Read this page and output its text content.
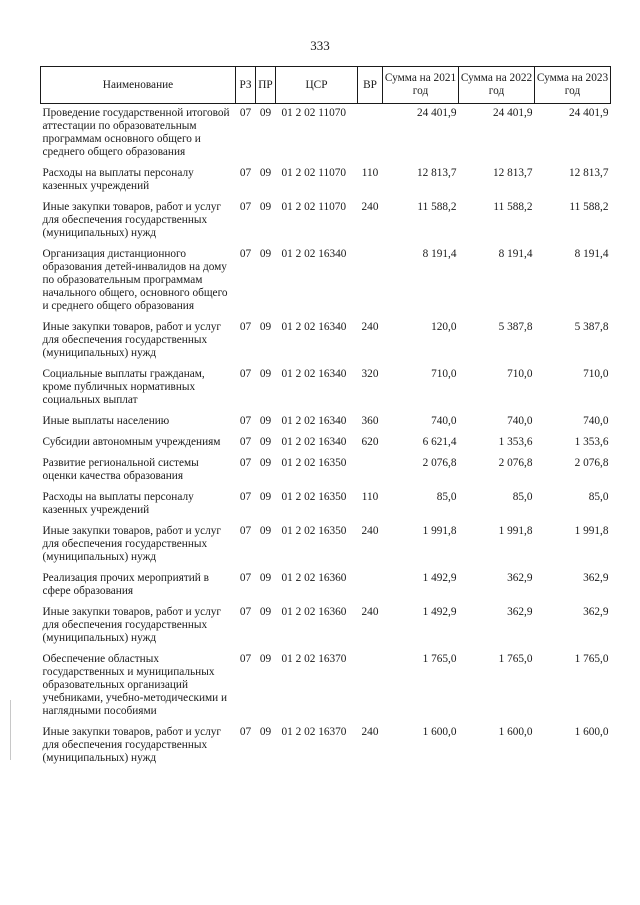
333
Наименование	РЗ	ПР	ЦСР	ВР	Сумма на 2021 год	Сумма на 2022 год	Сумма на 2023 год
Проведение государственной итоговой аттестации по образовательным программам основного общего и среднего общего образования	07	09	01 2 02 11070		24 401,9	24 401,9	24 401,9
Расходы на выплаты персоналу казенных учреждений	07	09	01 2 02 11070	110	12 813,7	12 813,7	12 813,7
Иные закупки товаров, работ и услуг для обеспечения государственных (муниципальных) нужд	07	09	01 2 02 11070	240	11 588,2	11 588,2	11 588,2
Организация дистанционного образования детей-инвалидов на дому по образовательным программам начального общего, основного общего и среднего общего образования	07	09	01 2 02 16340		8 191,4	8 191,4	8 191,4
Иные закупки товаров, работ и услуг для обеспечения государственных (муниципальных) нужд	07	09	01 2 02 16340	240	120,0	5 387,8	5 387,8
Социальные выплаты гражданам, кроме публичных нормативных социальных выплат	07	09	01 2 02 16340	320	710,0	710,0	710,0
Иные выплаты населению	07	09	01 2 02 16340	360	740,0	740,0	740,0
Субсидии автономным учреждениям	07	09	01 2 02 16340	620	6 621,4	1 353,6	1 353,6
Развитие региональной системы оценки качества образования	07	09	01 2 02 16350		2 076,8	2 076,8	2 076,8
Расходы на выплаты персоналу казенных учреждений	07	09	01 2 02 16350	110	85,0	85,0	85,0
Иные закупки товаров, работ и услуг для обеспечения государственных (муниципальных) нужд	07	09	01 2 02 16350	240	1 991,8	1 991,8	1 991,8
Реализация прочих мероприятий в сфере образования	07	09	01 2 02 16360		1 492,9	362,9	362,9
Иные закупки товаров, работ и услуг для обеспечения государственных (муниципальных) нужд	07	09	01 2 02 16360	240	1 492,9	362,9	362,9
Обеспечение областных государственных и муниципальных образовательных организаций учебниками, учебно-методическими и наглядными пособиями	07	09	01 2 02 16370		1 765,0	1 765,0	1 765,0
Иные закупки товаров, работ и услуг для обеспечения государственных (муниципальных) нужд	07	09	01 2 02 16370	240	1 600,0	1 600,0	1 600,0
